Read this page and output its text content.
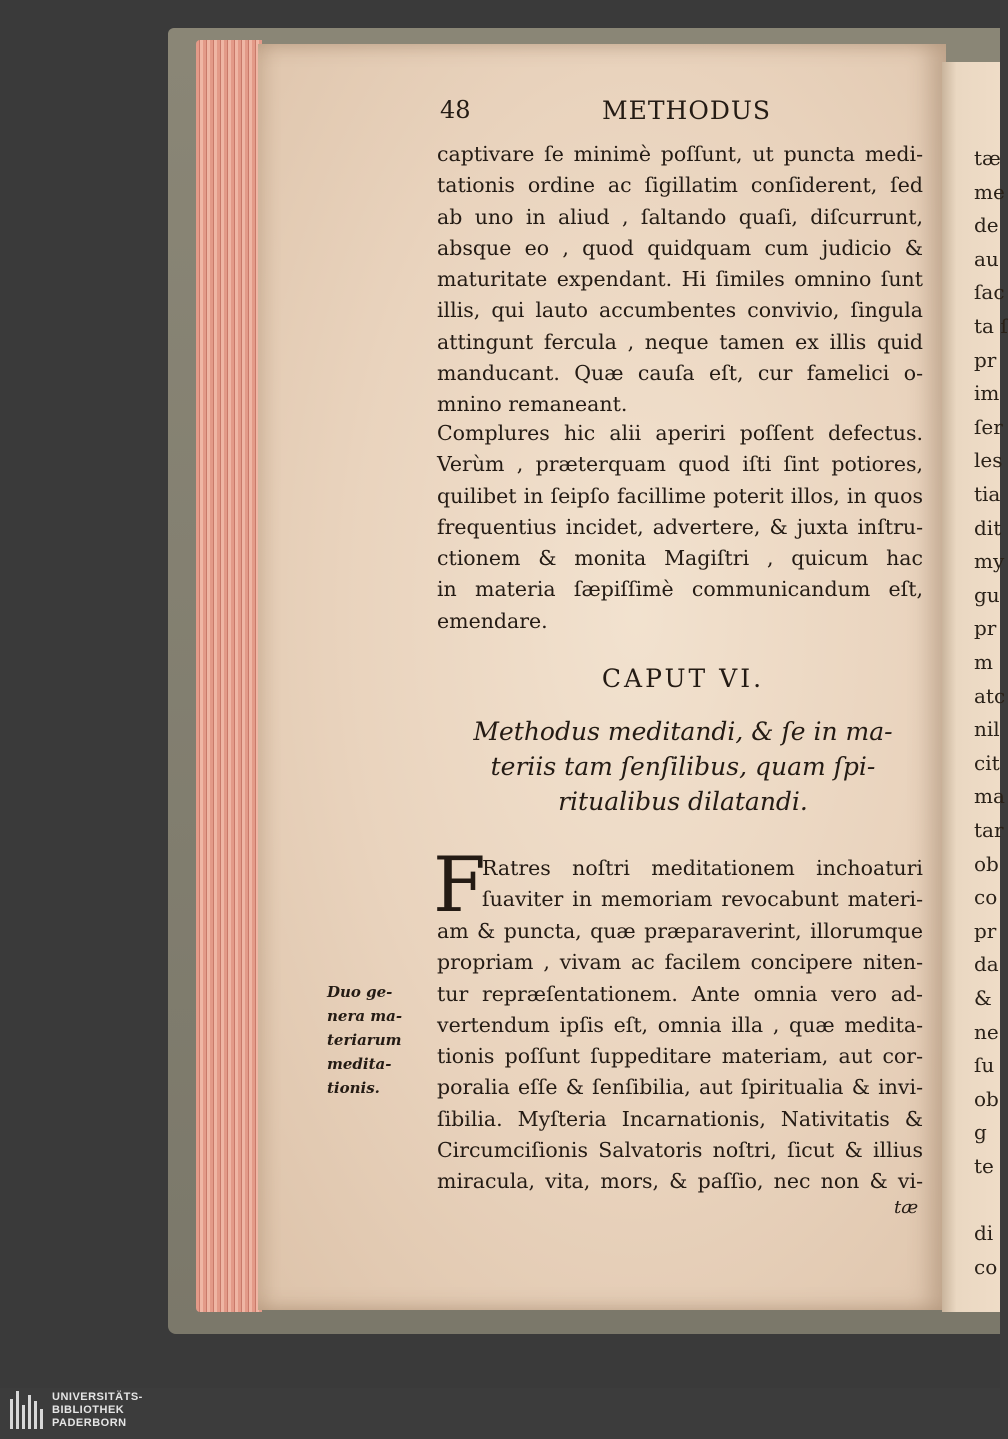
tæ
me
de
au
ſac
ta ſ
pr
im
ſer
les
tia
dit
my
gu
pr
m
atc
nil
cit
ma
tar
ob
co
pr
da
&
ne
ſu
ob
g
te
di
co
48	METHODUS
captivare ſe minimè poſſunt, ut puncta medi-
tationis ordine ac ſigillatim conſiderent, ſed
ab uno in aliud , ſaltando quaſi, diſcurrunt,
absque eo , quod quidquam cum judicio &
maturitate expendant. Hi ſimiles omnino ſunt
illis, qui lauto accumbentes convivio, ſingula
attingunt fercula , neque tamen ex illis quid
manducant. Quæ cauſa eſt, cur famelici o-
mnino remaneant.
Complures hic alii aperiri poſſent defectus.
Verùm , præterquam quod iſti ſint potiores,
quilibet in ſeipſo facillime poterit illos, in quos
frequentius incidet, advertere, & juxta inſtru-
ctionem & monita Magiſtri , quicum hac
in materia ſæpiſſimè communicandum eſt,
emendare.
CAPUT VI.
Methodus meditandi, & ſe in ma-
teriis tam ſenſilibus, quam ſpi-
ritualibus dilatandi.
F
Ratres noſtri meditationem inchoaturi
ſuaviter in memoriam revocabunt materi-
am & puncta, quæ præparaverint, illorumque
propriam , vivam ac facilem concipere niten-
tur repræſentationem. Ante omnia vero ad-
vertendum ipſis eſt, omnia illa , quæ medita-
tionis poſſunt ſuppeditare materiam, aut cor-
poralia eſſe & ſenſibilia, aut ſpiritualia & invi-
ſibilia. Myſteria Incarnationis, Nativitatis &
Circumciſionis Salvatoris noſtri, ſicut & illius
miracula, vita, mors, & paſſio, nec non & vi-
Duo ge-
nera ma-
teriarum
medita-
tionis.
tæ
UNIVERSITÄTS-
BIBLIOTHEK
PADERBORN
